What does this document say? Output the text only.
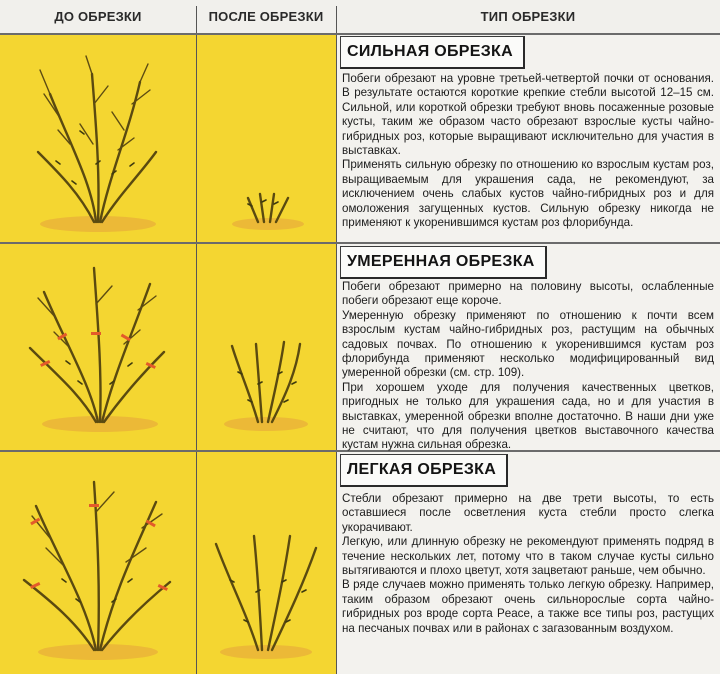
ДО ОБРЕЗКИ	ПОСЛЕ ОБРЕЗКИ	ТИП ОБРЕЗКИ
СИЛЬНАЯ ОБРЕЗКА

Побеги обрезают на уровне третьей-четвертой почки от основания. В результате остаются короткие крепкие стебли высотой 12–15 см. Сильной, или короткой обрезки требуют вновь посаженные розовые кусты, таким же образом часто обрезают взрослые кусты чайно-гибридных роз, которые выращивают исключительно для участия в выставках.

Применять сильную обрезку по отношению ко взрослым кустам роз, выращиваемым для украшения сада, не рекомендуют, за исключением очень слабых кустов чайно-гибридных роз и для омоложения загущенных кустов. Сильную обрезку никогда не применяют к укоренившимся кустам роз флорибунда.

УМЕРЕННАЯ ОБРЕЗКА

Побеги обрезают примерно на половину высоты, ослабленные побеги обрезают еще короче.

Умеренную обрезку применяют по отношению к почти всем взрослым кустам чайно-гибридных роз, растущим на обычных садовых почвах. По отношению к укоренившимся кустам роз флорибунда применяют несколько модифицированный вид умеренной обрезки (см. стр. 109).

При хорошем уходе для получения качественных цветков, пригодных не только для украшения сада, но и для участия в выставках, умеренной обрезки вполне достаточно. В наши дни уже не считают, что для получения цветков выставочного качества кустам нужна сильная обрезка.

ЛЕГКАЯ ОБРЕЗКА

Стебли обрезают примерно на две трети высоты, то есть оставшиеся после осветления куста стебли просто слегка укорачивают.

Легкую, или длинную обрезку не рекомендуют применять подряд в течение нескольких лет, потому что в таком случае кусты сильно вытягиваются и плохо цветут, хотя зацветают раньше, чем обычно.

В ряде случаев можно применять только легкую обрезку. Например, таким образом обрезают очень сильнорослые сорта чайно-гибридных роз вроде сорта Peace, а также все типы роз, растущих на песчаных почвах или в районах с загазованным воздухом.
